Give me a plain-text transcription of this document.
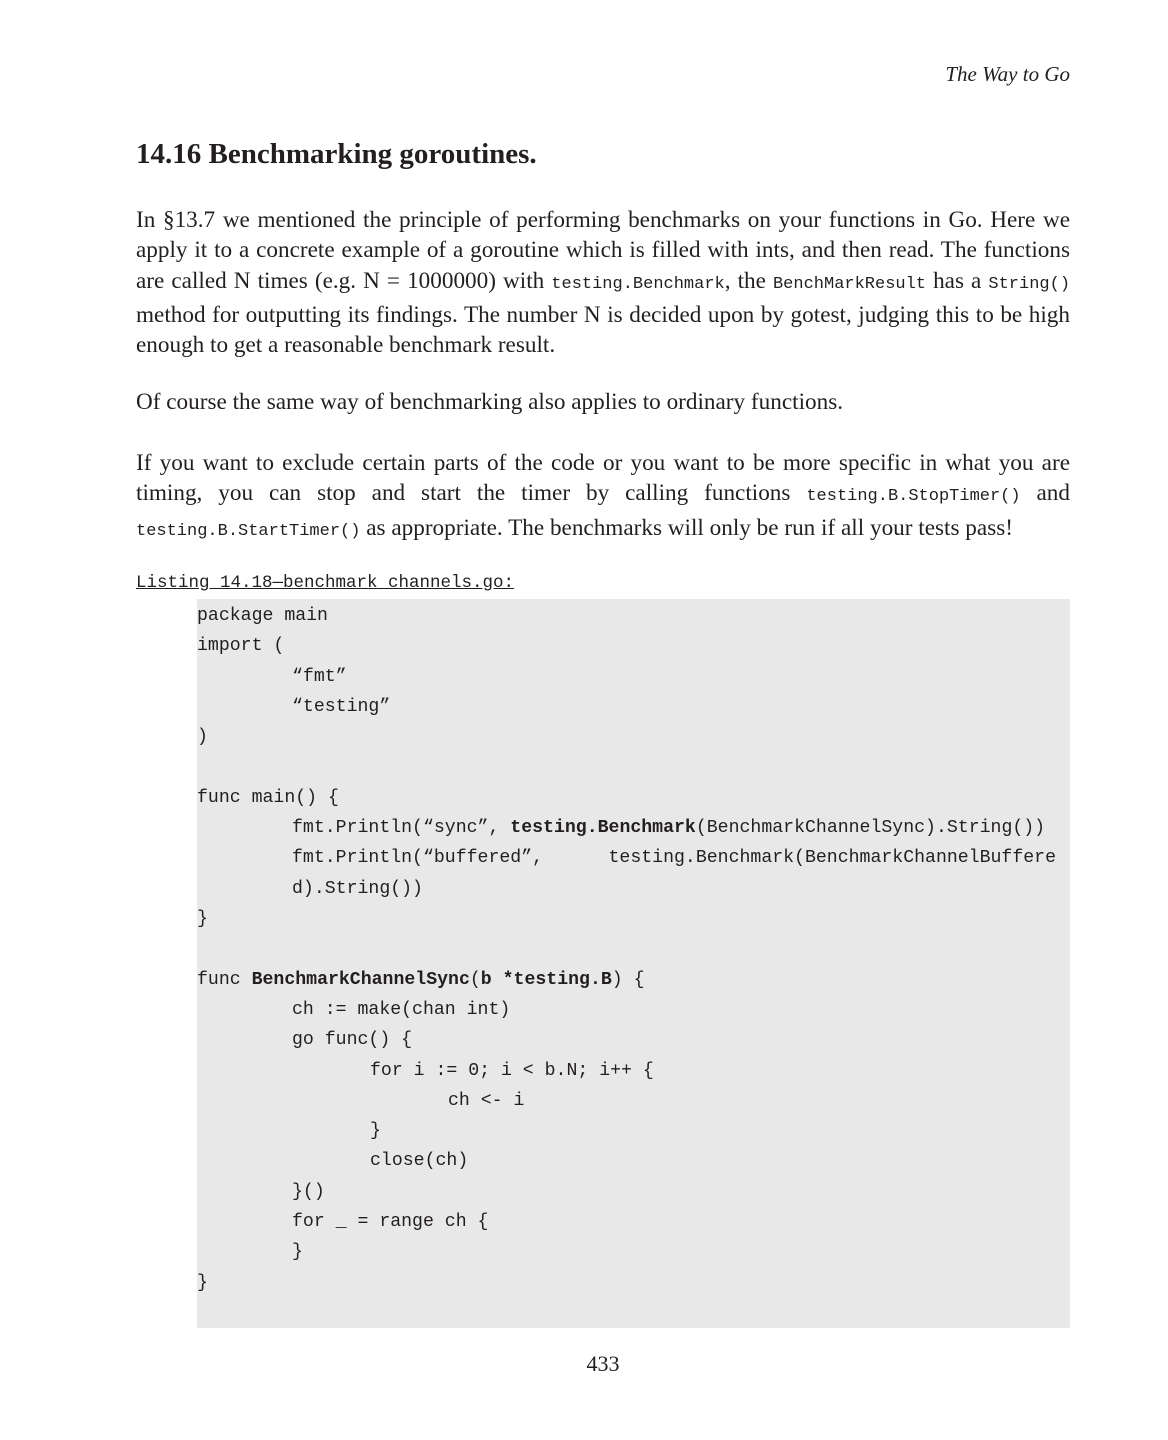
The Way to Go
14.16 Benchmarking goroutines.

In §13.7 we mentioned the principle of performing benchmarks on your functions in Go. Here we apply it to a concrete example of a goroutine which is filled with ints, and then read. The functions are called N times (e.g. N = 1000000) with testing.Benchmark, the BenchMarkResult has a String() method for outputting its findings. The number N is decided upon by gotest, judging this to be high enough to get a reasonable benchmark result.

Of course the same way of benchmarking also applies to ordinary functions.

If you want to exclude certain parts of the code or you want to be more specific in what you are timing, you can stop and start the timer by calling functions testing.B.StopTimer() and testing.B.StartTimer() as appropriate. The benchmarks will only be run if all your tests pass!

Listing 14.18—benchmark_channels.go:
package main
import (
“fmt”
“testing”
)
func main() {
fmt.Println(“sync”, testing.Benchmark(BenchmarkChannelSync).String())
fmt.Println(“buffered”,      testing.Benchmark(BenchmarkChannelBuffere
d).String())
}
func BenchmarkChannelSync(b *testing.B) {
ch := make(chan int)
go func() {
for i := 0; i < b.N; i++ {
ch <- i
}
close(ch)
}()
for _ = range ch {
}
}
433
